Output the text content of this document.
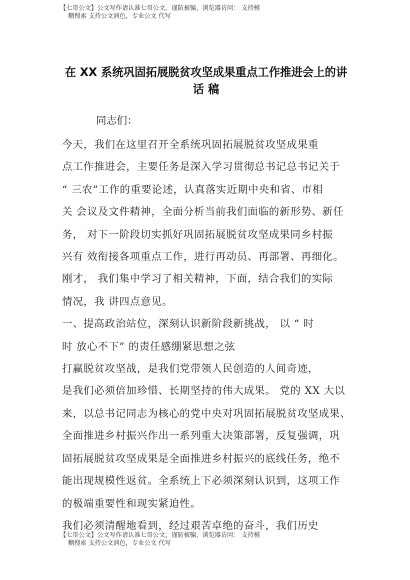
【七哥公文】公文写作请认准七哥公文，谨防被骗，浏览器访问： 支持模
糊搜索 支持公文润色，专业公文 代写
在 XX 系统巩固拓展脱贫攻坚成果重点工作推进会上的讲
话 稿
同志们：
今天，我们在这里召开全系统巩固拓展脱贫攻坚成果重
点工作推进会，主要任务是深入学习贯彻总书记总书记关于
“ 三农”工作的重要论述，认真落实近期中央和省、市相
关 会议及文件精神，全面分析当前我们面临的新形势、新任
务， 对下一阶段切实抓好巩固拓展脱贫攻坚成果同乡村振
兴有 效衔接各项重点工作，进行再动员、再部署、再细化。
刚才， 我们集中学习了相关精神，下面，结合我们的实际
情况，我 讲四点意见。
一、提高政治站位，深刻认识新阶段新挑战， 以 “ 时
时 放心不下” 的责任感绷紧思想之弦
打赢脱贫攻坚战，是我们党带领人民创造的人间奇迹，
是我们必须倍加珍惜、长期坚持的伟大成果。 党的 XX 大以
来，以总书记同志为核心的党中央对巩固拓展脱贫攻坚成果、
全面推进乡村振兴作出一系列重大决策部署，反复强调，巩
固拓展脱贫攻坚成果是全面推进乡村振兴的底线任务，绝不
能出现规模性返贫。全系统上下必须深刻认识到，这项工作
的极端重要性和现实紧迫性。
我们必须清醒地看到，经过艰苦卓绝的奋斗，我们历史
【七哥公文】公文写作请认准七哥公文，谨防被骗，浏览器访问： 支持模
糊搜索 支持公文润色，专业公文 代写
